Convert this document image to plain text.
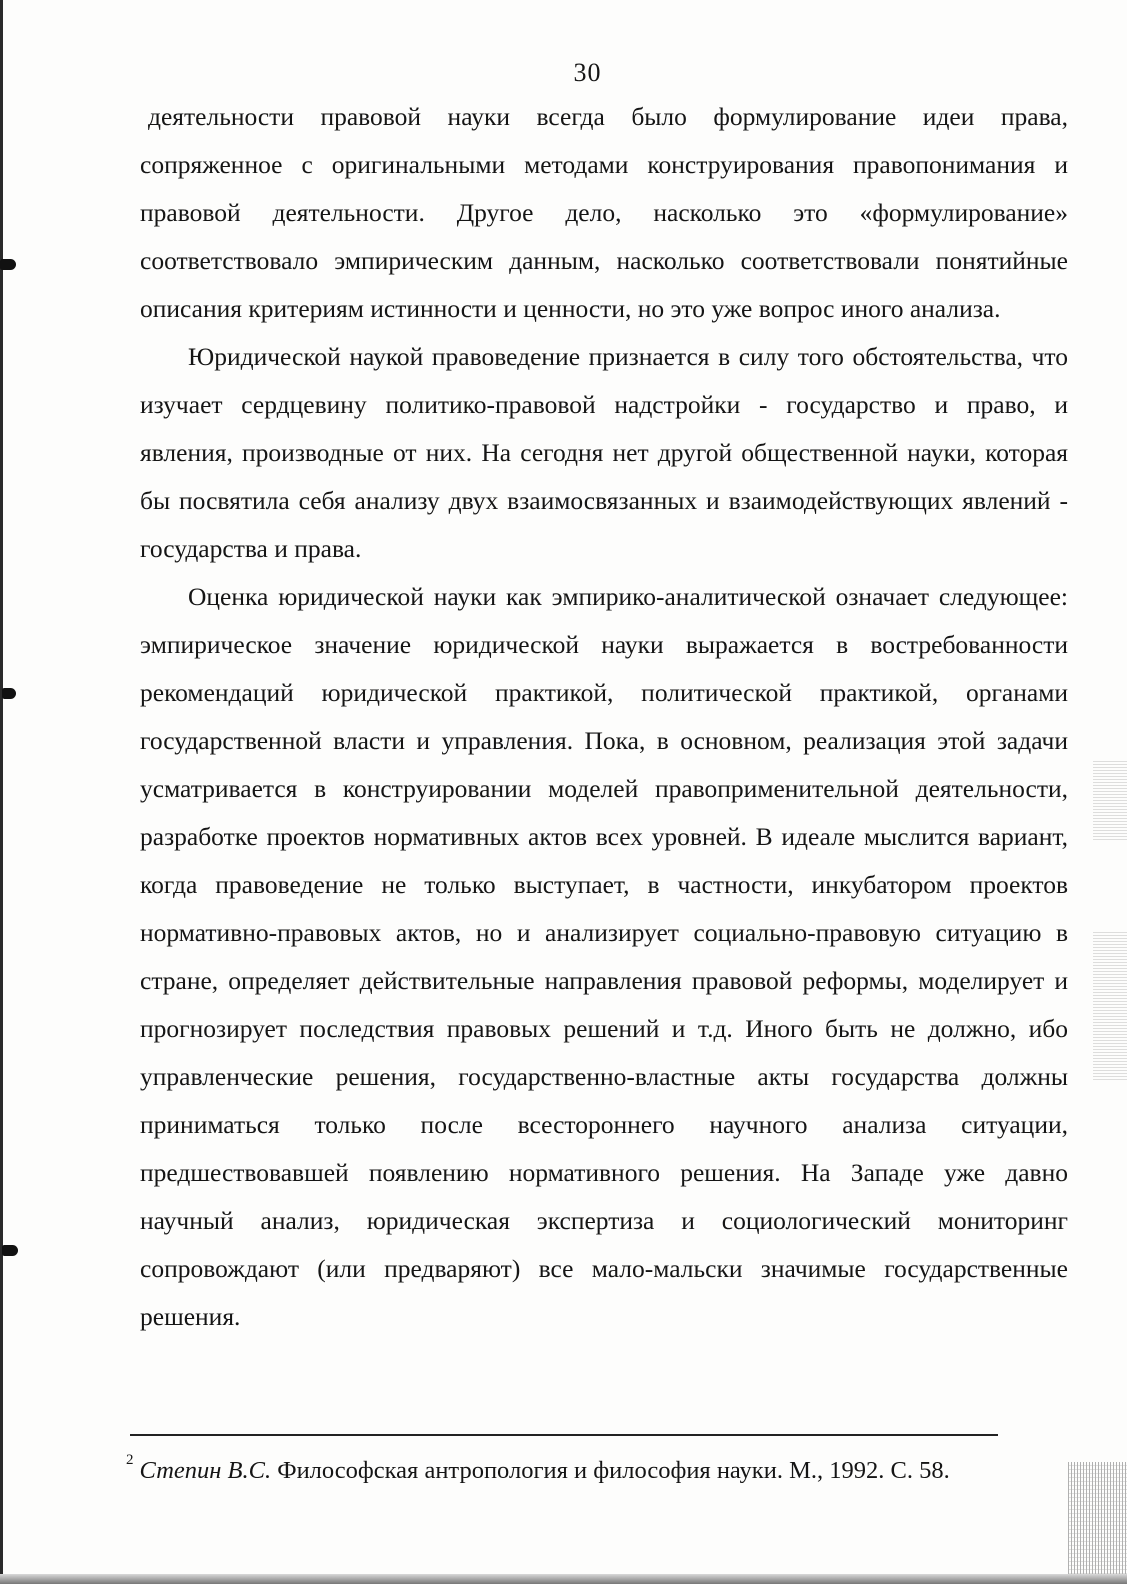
30

деятельности правовой науки всегда было формулирование идеи права, сопряженное с оригинальными методами конструирования правопонимания и правовой деятельности. Другое дело, насколько это «формулирование» соответствовало эмпирическим данным, насколько соответствовали понятийные описания критериям истинности и ценности, но это уже вопрос иного анализа.

Юридической наукой правоведение признается в силу того обстоятельства, что изучает сердцевину политико-правовой надстройки - государство и право, и явления, производные от них. На сегодня нет другой общественной науки, которая бы посвятила себя анализу двух взаимосвязанных и взаимодействующих явлений - государства и права.

Оценка юридической науки как эмпирико-аналитической означает следующее: эмпирическое значение юридической науки выражается в востребованности рекомендаций юридической практикой, политической практикой, органами государственной власти и управления. Пока, в основном, реализация этой задачи усматривается в конструировании моделей правоприменительной деятельности, разработке проектов нормативных актов всех уровней. В идеале мыслится вариант, когда правоведение не только выступает, в частности, инкубатором проектов нормативно-правовых актов, но и анализирует социально-правовую ситуацию в стране, определяет действительные направления правовой реформы, моделирует и прогнозирует последствия правовых решений и т.д. Иного быть не должно, ибо управленческие решения, государственно-властные акты государства должны приниматься только после всестороннего научного анализа ситуации, предшествовавшей появлению нормативного решения. На Западе уже давно научный анализ, юридическая экспертиза и социологический мониторинг сопровождают (или предваряют) все мало-мальски значимые государственные решения.

$^2$ Степин В.С. Философская антропология и философия науки. М., 1992. С. 58.
